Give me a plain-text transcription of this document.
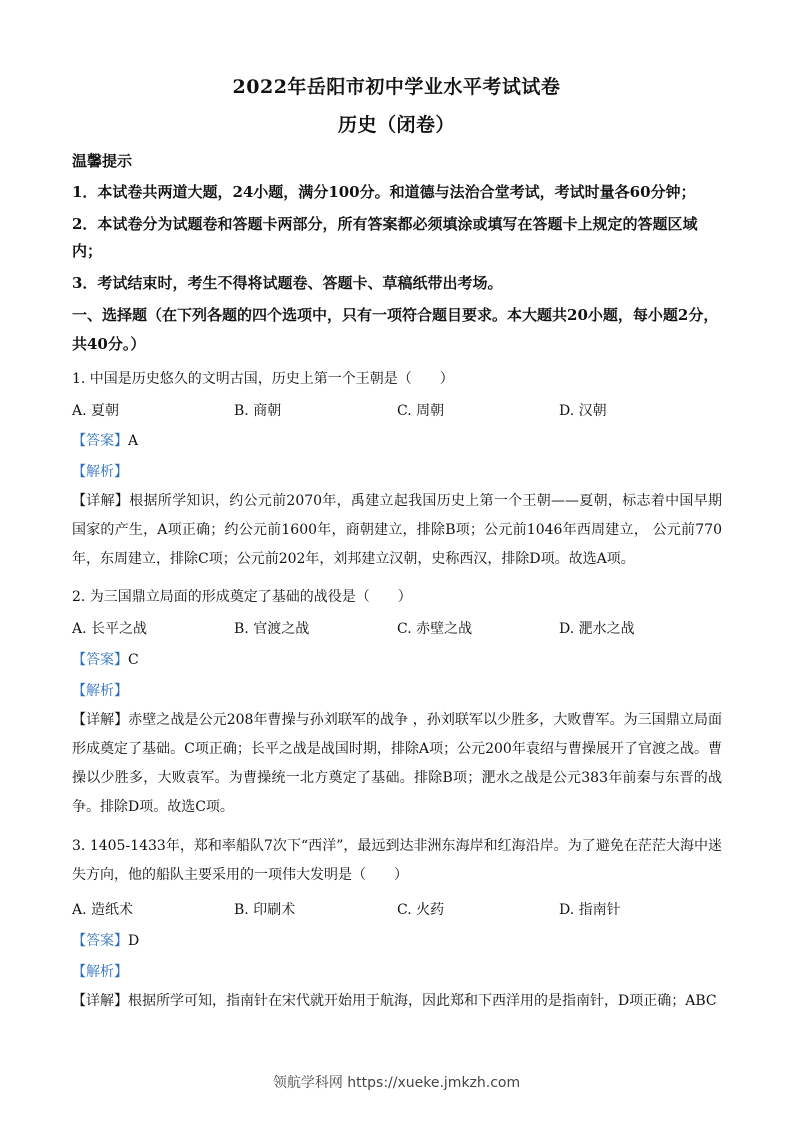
2022年岳阳市初中学业水平考试试卷
历史（闭卷）
温馨提示
1．本试卷共两道大题，24小题，满分100分。和道德与法治合堂考试，考试时量各60分钟；
2．本试卷分为试题卷和答题卡两部分，所有答案都必须填涂或填写在答题卡上规定的答题区域内；
3．考试结束时，考生不得将试题卷、答题卡、草稿纸带出考场。
一、选择题（在下列各题的四个选项中，只有一项符合题目要求。本大题共20小题，每小题2分，共40分。）
1. 中国是历史悠久的文明古国，历史上第一个王朝是（　　）
A. 夏朝	B. 商朝	C. 周朝	D. 汉朝
【答案】A
【解析】
【详解】根据所学知识，约公元前2070年，禹建立起我国历史上第一个王朝——夏朝，标志着中国早期国家的产生，A项正确；约公元前1600年，商朝建立，排除B项；公元前1046年西周建立， 公元前770年，东周建立，排除C项；公元前202年，刘邦建立汉朝，史称西汉，排除D项。故选A项。
2. 为三国鼎立局面的形成奠定了基础的战役是（　　）
A. 长平之战	B. 官渡之战	C. 赤壁之战	D. 淝水之战
【答案】C
【解析】
【详解】赤壁之战是公元208年曹操与孙刘联军的战争 ，孙刘联军以少胜多，大败曹军。为三国鼎立局面形成奠定了基础。C项正确；长平之战是战国时期，排除A项；公元200年袁绍与曹操展开了官渡之战。曹操以少胜多，大败袁军。为曹操统一北方奠定了基础。排除B项；淝水之战是公元383年前秦与东晋的战争。排除D项。故选C项。
3. 1405-1433年，郑和率船队7次下“西洋”，最远到达非洲东海岸和红海沿岸。为了避免在茫茫大海中迷失方向，他的船队主要采用的一项伟大发明是（　　）
A. 造纸术	B. 印刷术	C. 火药	D. 指南针
【答案】D
【解析】
【详解】根据所学可知，指南针在宋代就开始用于航海，因此郑和下西洋用的是指南针，D项正确；ABC
领航学科网 https://xueke.jmkzh.com
